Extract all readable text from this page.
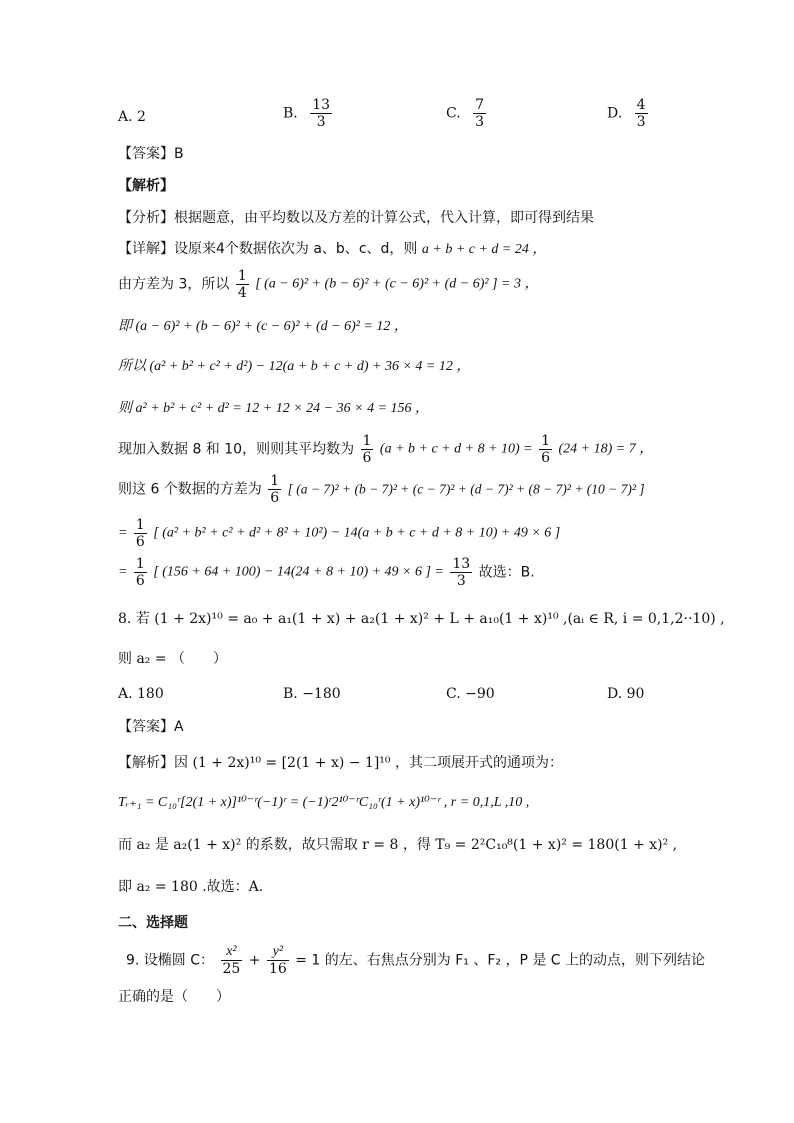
A. 2	B. $\frac{13}{3}$	C. $\frac{7}{3}$	D. $\frac{4}{3}$
【答案】B
【解析】
【分析】根据题意，由平均数以及方差的计算公式，代入计算，即可得到结果
【详解】设原来4个数据依次为 a、b、c、d，则 a + b + c + d = 24 ，
由方差为 3，所以 $\frac{1}{4}$ [ (a − 6)² + (b − 6)² + (c − 6)² + (d − 6)² ] = 3 ，
即 (a − 6)² + (b − 6)² + (c − 6)² + (d − 6)² = 12 ，
所以 (a² + b² + c² + d²) − 12(a + b + c + d) + 36 × 4 = 12 ，
则 a² + b² + c² + d² = 12 + 12 × 24 − 36 × 4 = 156 ，
现加入数据 8 和 10，则则其平均数为 $\frac{1}{6} (a + b + c + d + 8 + 10) = \frac{1}{6} (24 + 18) = 7$ ，
则这 6 个数据的方差为 $\frac{1}{6}$ [ (a − 7)² + (b − 7)² + (c − 7)² + (d − 7)² + (8 − 7)² + (10 − 7)² ]
= $\frac{1}{6}$ [ (a² + b² + c² + d² + 8² + 10²) − 14(a + b + c + d + 8 + 10) + 49 × 6 ]
= $\frac{1}{6}$ [ (156 + 64 + 100) − 14(24 + 8 + 10) + 49 × 6 ] = $\frac{13}{3}$ 故选：B.
8. 若 (1 + 2x)¹⁰ = a₀ + a₁(1 + x) + a₂(1 + x)² + L + a₁₀(1 + x)¹⁰ ,(aᵢ ∈ R, i = 0,1,2··10) ,
则 a₂ = （　　）
A. 180	B. −180	C. −90	D. 90
【答案】A
【解析】因 (1 + 2x)¹⁰ = [2(1 + x) − 1]¹⁰ ，其二项展开式的通项为：
Tᵣ₊₁ = C₁₀ʳ[2(1 + x)]¹⁰⁻ʳ(−1)ʳ = (−1)ʳ2¹⁰⁻ʳC₁₀ʳ(1 + x)¹⁰⁻ʳ , r = 0,1,L ,10 ,
而 a₂ 是 a₂(1 + x)² 的系数，故只需取 r = 8 ，得 T₉ = 2²C₁₀⁸(1 + x)² = 180(1 + x)² ,
即 a₂ = 180 .故选：A.
二、选择题
9. 设椭圆 C： $\frac{\text{x²}}{25} + \frac{\text{y²}}{16} = 1$ 的左、右焦点分别为 F₁ 、F₂ ，P 是 C 上的动点，则下列结论
正确的是（　　）
